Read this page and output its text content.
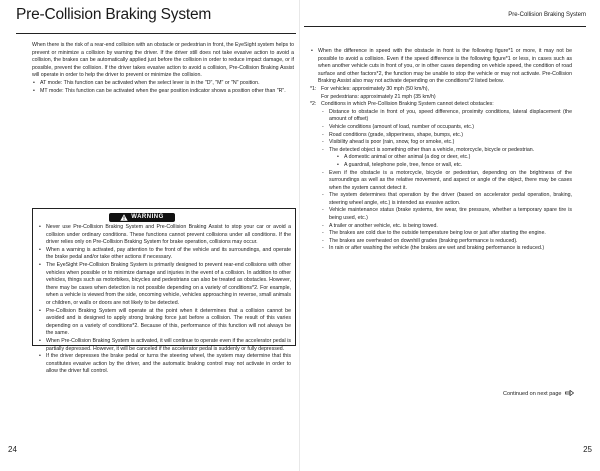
Pre-Collision Braking System

When there is the risk of a rear-end collision with an obstacle or pedestrian in front, the EyeSight system helps to prevent or minimize a collision by warning the driver. If the driver still does not take evasive action to avoid a collision, the brakes can be automatically applied just before the collision in order to reduce impact damage, or if possible, prevent the collision. If the driver takes evasive action to avoid a collision, Pre-Collision Braking Assist will operate in order to help the driver to prevent or minimize the collision.

• AT mode: This function can be activated when the select lever is in the "D", "M" or "N" position.
• MT mode: This function can be activated when the gear position indicator shows a position other than "R".
WARNING
• Never use Pre-Collision Braking System and Pre-Collision Braking Assist to stop your car or avoid a collision under ordinary conditions. These functions cannot prevent collisions under all conditions. If the driver relies only on Pre-Collision Braking System for brake operation, collisions may occur.
• When a warning is activated, pay attention to the front of the vehicle and its surroundings, and operate the brake pedal and/or take other actions if necessary.
• The EyeSight Pre-Collision Braking System is primarily designed to prevent rear-end collisions with other vehicles when possible or to minimize damage and injuries in the event of a collision. In addition to other vehicles, things such as motorbikes, bicycles and pedestrians can also be treated as obstacles. However, there may be cases when detection is not possible depending on a variety of conditions*2. For example, when a vehicle is viewed from the side, oncoming vehicle, vehicles approaching in reverse, small animals or children, or walls or doors are not likely to be detected.
• Pre-Collision Braking System will operate at the point when it determines that a collision cannot be avoided and is designed to apply strong braking force just before a collision. The result of this varies depending on a variety of conditions*2. Because of this, performance of this function will not always be the same.
• When Pre-Collision Braking System is activated, it will continue to operate even if the accelerator pedal is partially depressed. However, it will be canceled if the accelerator pedal is suddenly or fully depressed.
• If the driver depresses the brake pedal or turns the steering wheel, the system may determine that this constitutes evasive action by the driver, and the automatic braking control may not activate in order to allow the driver full control.
24
Pre-Collision Braking System
• When the difference in speed with the obstacle in front is the following figure*1 or more, it may not be possible to avoid a collision. Even if the speed difference is the following figure*1 or less, in cases such as when another vehicle cuts in front of you, or in other cases depending on vehicle speed, the condition of road surface and other factors*2, the function may be unable to stop the vehicle or may not activate. Pre-Collision Braking Assist also may not activate depending on the conditions*2 listed below.
*1: For vehicles: approximately 30 mph (50 km/h),
For pedestrians: approximately 21 mph (35 km/h)
*2: Conditions in which Pre-Collision Braking System cannot detect obstacles:
- Distance to obstacle in front of you, speed difference, proximity conditions, lateral displacement (the amount of offset)
- Vehicle conditions (amount of load, number of occupants, etc.)
- Road conditions (grade, slipperiness, shape, bumps, etc.)
- Visibility ahead is poor (rain, snow, fog or smoke, etc.)
- The detected object is something other than a vehicle, motorcycle, bicycle or pedestrian.
• A domestic animal or other animal (a dog or deer, etc.)
• A guardrail, telephone pole, tree, fence or wall, etc.
- Even if the obstacle is a motorcycle, bicycle or pedestrian, depending on the brightness of the surroundings as well as the relative movement, and aspect or angle of the object, there may be cases when the system cannot detect it.
- The system determines that operation by the driver (based on accelerator pedal operation, braking, steering wheel angle, etc.) is intended as evasive action.
- Vehicle maintenance status (brake systems, tire wear, tire pressure, whether a temporary spare tire is being used, etc.)
- A trailer or another vehicle, etc. is being towed.
- The brakes are cold due to the outside temperature being low or just after starting the engine.
- The brakes are overheated on downhill grades (braking performance is reduced).
- In rain or after washing the vehicle (the brakes are wet and braking performance is reduced.)
Continued on next page
25
